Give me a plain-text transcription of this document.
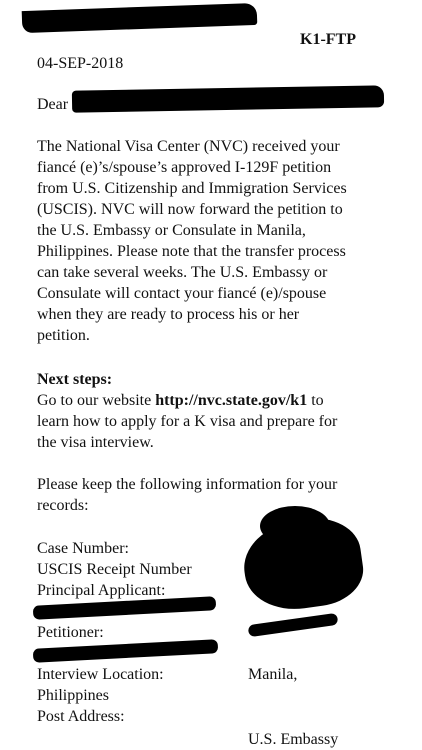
K1-FTP
04-SEP-2018
Dear
The National Visa Center (NVC) received your
fiancé (e)’s/spouse’s approved I-129F petition
from U.S. Citizenship and Immigration Services
(USCIS). NVC will now forward the petition to
the U.S. Embassy or Consulate in Manila,
Philippines. Please note that the transfer process
can take several weeks. The U.S. Embassy or
Consulate will contact your fiancé (e)/spouse
when they are ready to process his or her
petition.
Next steps:
Go to our website http://nvc.state.gov/k1 to
learn how to apply for a K visa and prepare for
the visa interview.
Please keep the following information for your
records:
Case Number:
USCIS Receipt Number
Principal Applicant:
Petitioner:
Interview Location:	Manila,
Philippines
Post Address:
U.S. Embassy
